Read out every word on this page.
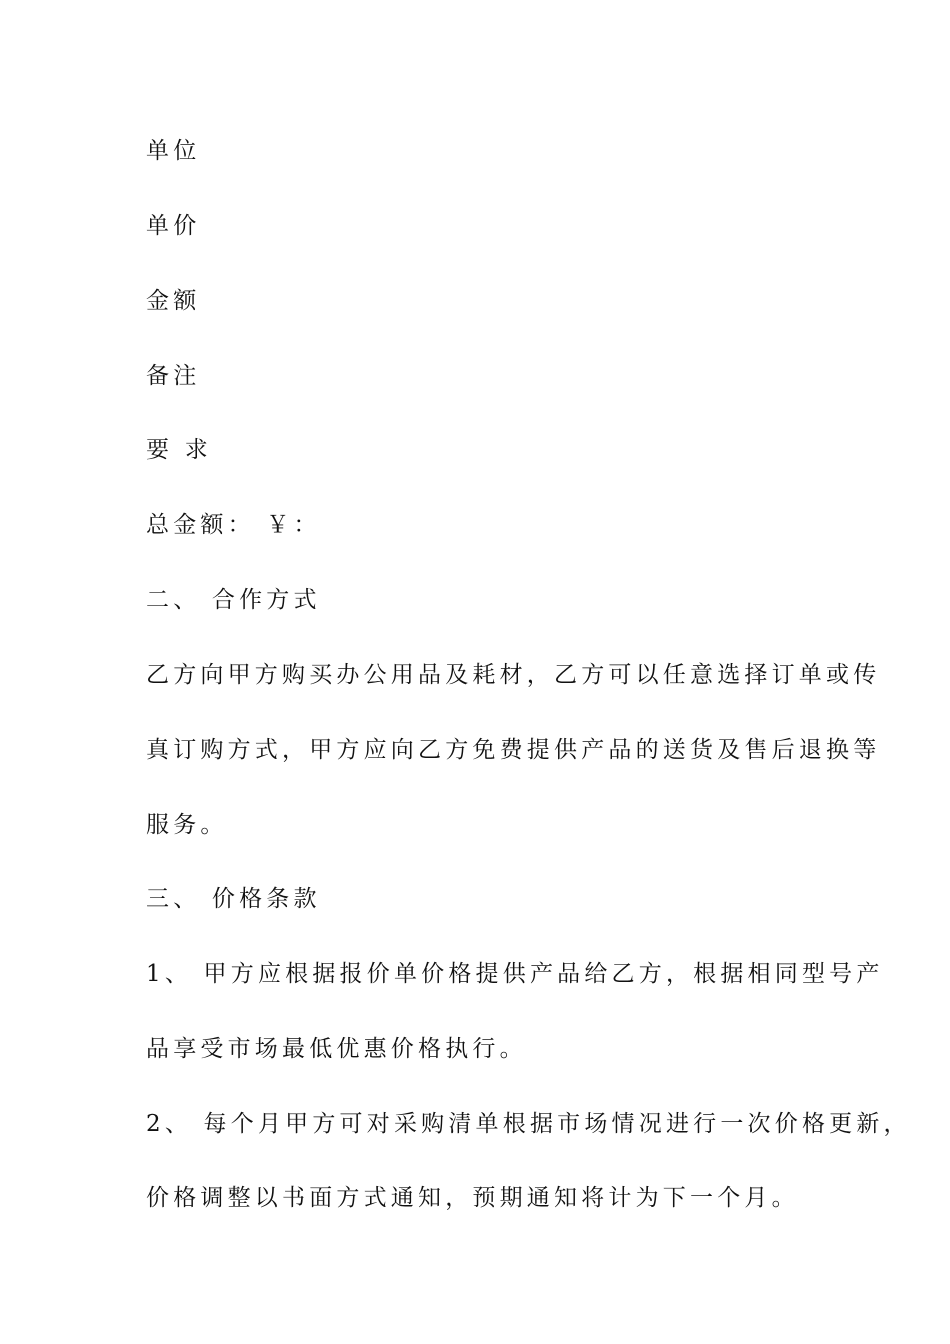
单位
单价
金额
备注
要 求
总金额： ￥：
二、 合作方式
乙方向甲方购买办公用品及耗材，乙方可以任意选择订单或传
真订购方式，甲方应向乙方免费提供产品的送货及售后退换等
服务。
三、 价格条款
1、 甲方应根据报价单价格提供产品给乙方，根据相同型号产
品享受市场最低优惠价格执行。
2、 每个月甲方可对采购清单根据市场情况进行一次价格更新，
价格调整以书面方式通知，预期通知将计为下一个月。
